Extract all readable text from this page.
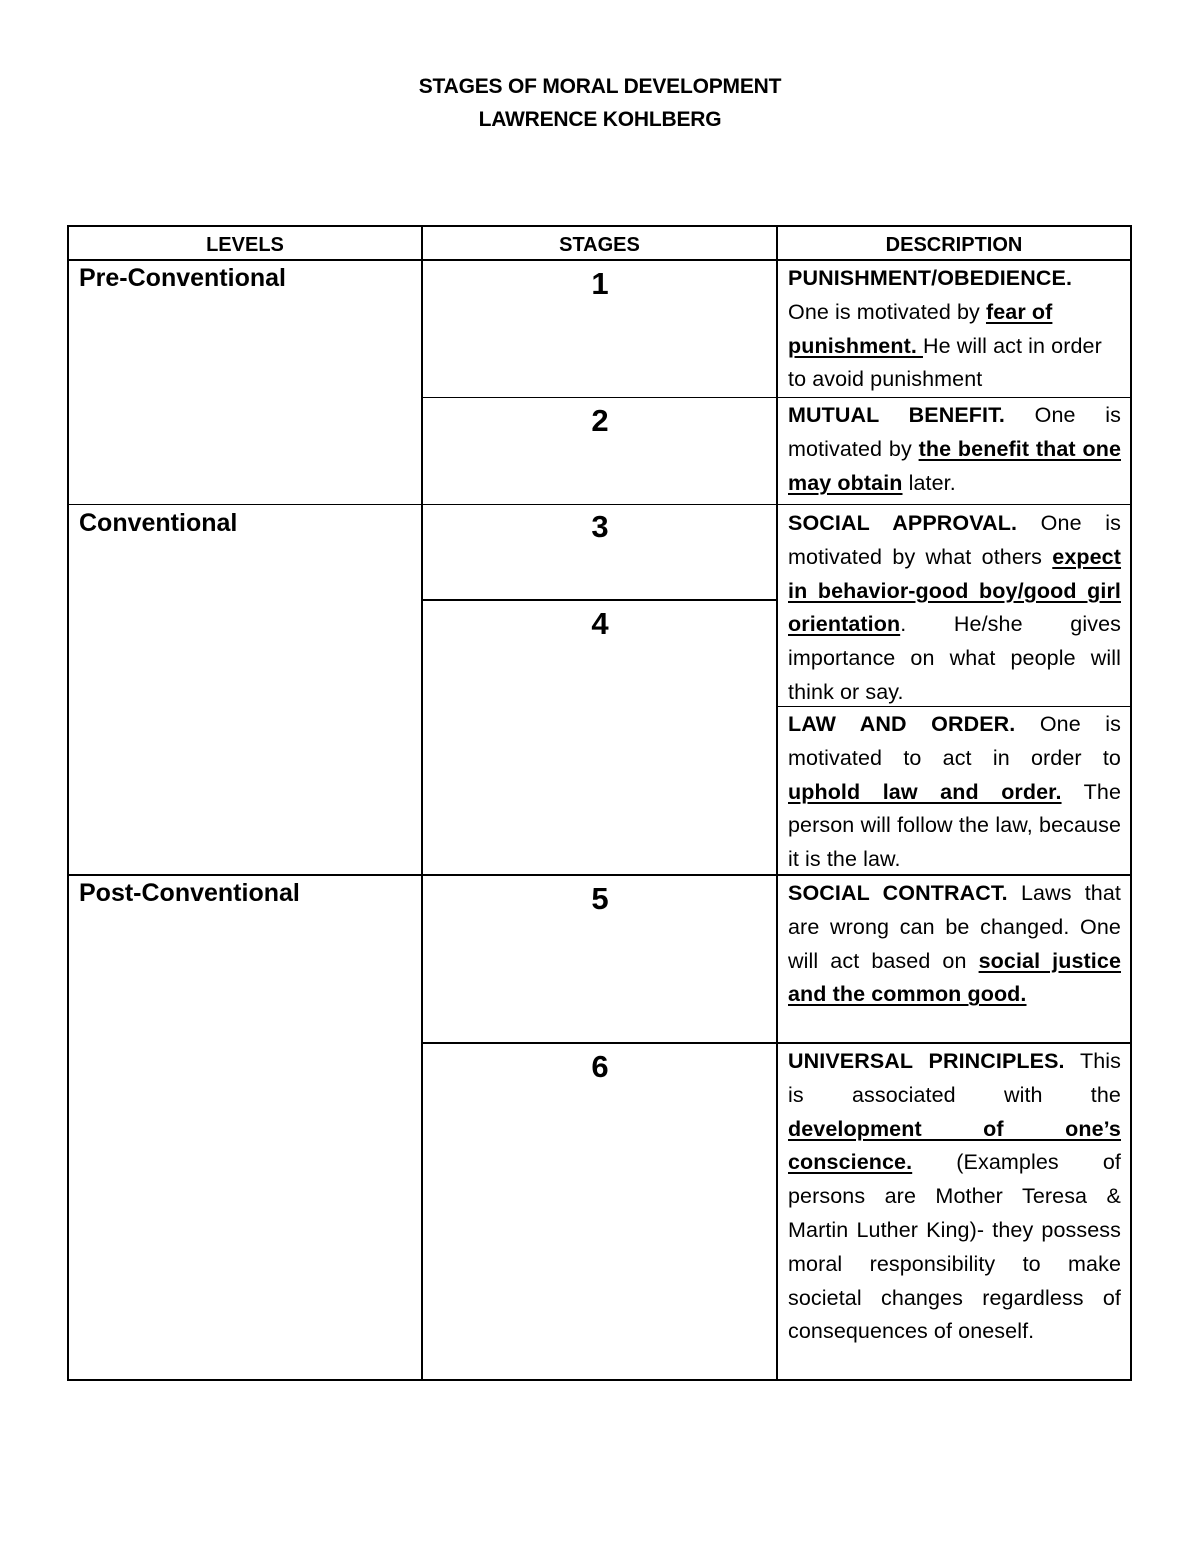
STAGES OF MORAL DEVELOPMENT
LAWRENCE KOHLBERG
LEVELS	STAGES	DESCRIPTION
Pre-Conventional
Conventional
Post-Conventional
1
2
3
4
5
6
PUNISHMENT/OBEDIENCE.
One is motivated by fear of punishment. He will act in order to avoid punishment
MUTUAL BENEFIT. One is motivated by the benefit that one may obtain later.
SOCIAL APPROVAL. One is motivated by what others expect in behavior-good boy/good girl orientation. He/she gives importance on what people will think or say.
LAW AND ORDER. One is motivated to act in order to uphold law and order. The person will follow the law, because it is the law.
SOCIAL CONTRACT. Laws that are wrong can be changed. One will act based on social justice and the common good.
UNIVERSAL PRINCIPLES. This is associated with the development of one’s conscience. (Examples of persons are Mother Teresa & Martin Luther King)- they possess moral responsibility to make societal changes regardless of consequences of oneself.
